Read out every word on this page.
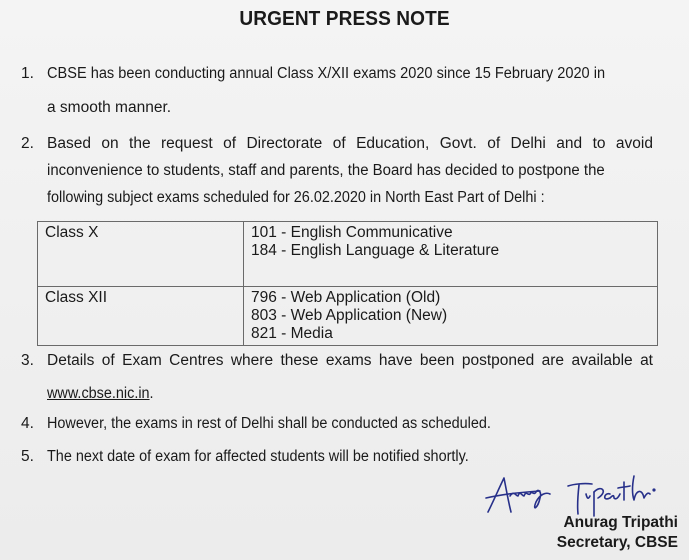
URGENT PRESS NOTE
1. CBSE has been conducting annual Class X/XII exams 2020 since 15 February 2020 in
a smooth manner.
2. Based on the request of Directorate of Education, Govt. of Delhi and to avoid
inconvenience to students, staff and parents, the Board has decided to postpone the
following subject exams scheduled for 26.02.2020 in North East Part of Delhi :
Class X	101 - English Communicative
184 - English Language & Literature

Class XII	796 - Web Application (Old)
803 - Web Application (New)
821 - Media
3. Details of Exam Centres where these exams have been postponed are available at
www.cbse.nic.in.
4. However, the exams in rest of Delhi shall be conducted as scheduled.
5. The next date of exam for affected students will be notified shortly.
Anurag Tripathi
Secretary, CBSE
